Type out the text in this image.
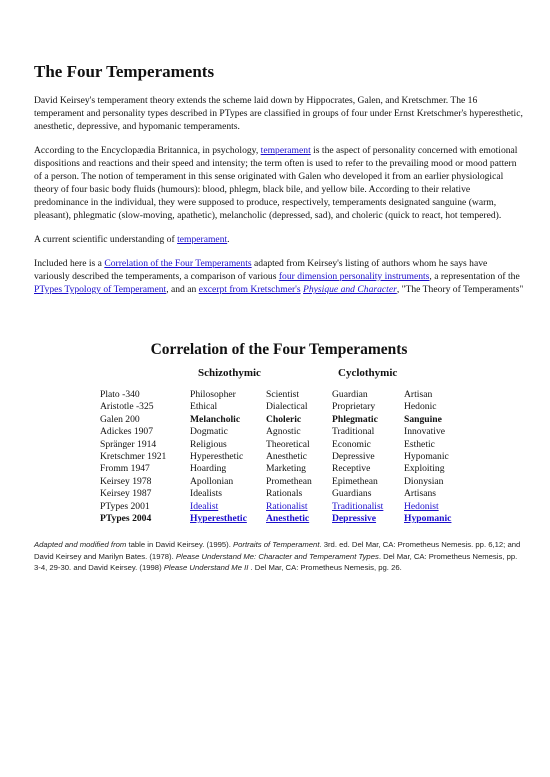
The Four Temperaments

David Keirsey's temperament theory extends the scheme laid down by Hippocrates, Galen, and Kretschmer. The 16 temperament and personality types described in PTypes are classified in groups of four under Ernst Kretschmer's hyperesthetic, anesthetic, depressive, and hypomanic temperaments.

According to the Encyclopædia Britannica, in psychology, temperament is the aspect of personality concerned with emotional dispositions and reactions and their speed and intensity; the term often is used to refer to the prevailing mood or mood pattern of a person. The notion of temperament in this sense originated with Galen who developed it from an earlier physiological theory of four basic body fluids (humours): blood, phlegm, black bile, and yellow bile. According to their relative predominance in the individual, they were supposed to produce, respectively, temperaments designated sanguine (warm, pleasant), phlegmatic (slow-moving, apathetic), melancholic (depressed, sad), and choleric (quick to react, hot tempered).

A current scientific understanding of temperament.

Included here is a Correlation of the Four Temperaments adapted from Keirsey's listing of authors whom he says have variously described the temperaments, a comparison of various four dimension personality instruments, a representation of the PTypes Typology of Temperament, and an excerpt from Kretschmer's Physique and Character, "The Theory of Temperaments"

Correlation of the Four Temperaments
Schizothymic	Cyclothymic
Plato -340	Philosopher	Scientist	Guardian	Artisan
Aristotle -325	Ethical	Dialectical	Proprietary	Hedonic
Galen 200	Melancholic	Choleric	Phlegmatic	Sanguine
Adickes 1907	Dogmatic	Agnostic	Traditional	Innovative
Spränger 1914	Religious	Theoretical	Economic	Esthetic
Kretschmer 1921	Hyperesthetic	Anesthetic	Depressive	Hypomanic
Fromm 1947	Hoarding	Marketing	Receptive	Exploiting
Keirsey 1978	Apollonian	Promethean	Epimethean	Dionysian
Keirsey 1987	Idealists	Rationals	Guardians	Artisans
PTypes 2001	Idealist	Rationalist	Traditionalist	Hedonist
PTypes 2004	Hyperesthetic	Anesthetic	Depressive	Hypomanic
Adapted and modified from table in David Keirsey. (1995). Portraits of Temperament. 3rd. ed. Del Mar, CA: Prometheus Nemesis. pp. 6,12; and David Keirsey and Marilyn Bates. (1978). Please Understand Me: Character and Temperament Types. Del Mar, CA: Prometheus Nemesis, pp. 3-4, 29-30. and David Keirsey. (1998) Please Understand Me II . Del Mar, CA: Prometheus Nemesis, pg. 26.
